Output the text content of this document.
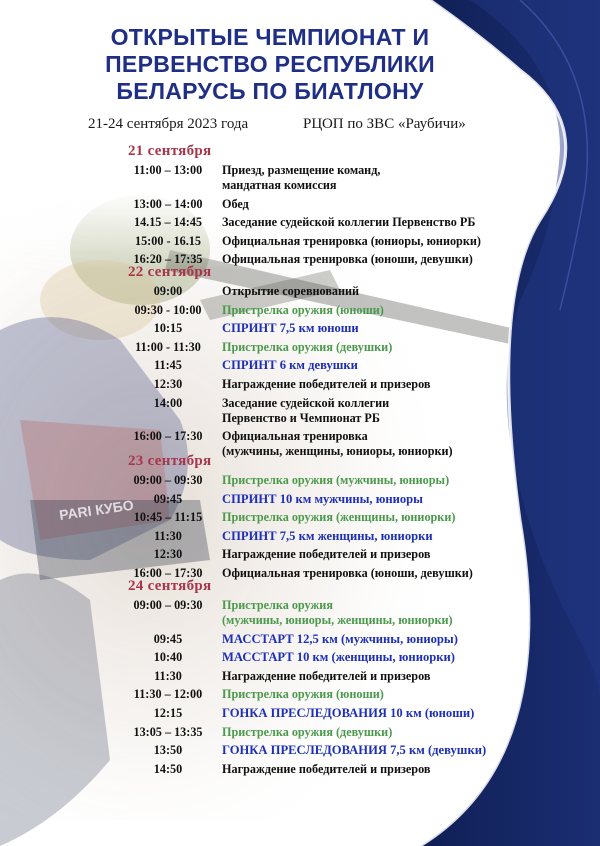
PARI КУБО
ОТКРЫТЫЕ ЧЕМПИОНАТ И
ПЕРВЕНСТВО РЕСПУБЛИКИ
БЕЛАРУСЬ ПО БИАТЛОНУ
21-24 сентября 2023 года	РЦОП по ЗВС «Раубичи»
21 сентября
11:00 – 13:00	Приезд, размещение команд,
мандатная комиссия
13:00 – 14:00	Обед
14.15 – 14:45	Заседание судейской коллегии Первенство РБ
15:00 - 16.15	Официальная тренировка (юниоры, юниорки)
16:20 – 17:35	Официальная тренировка (юноши, девушки)
22 сентября
09:00	Открытие соревнований
09:30 - 10:00	Пристрелка оружия (юноши)
10:15	СПРИНТ 7,5 км юноши
11:00 - 11:30	Пристрелка оружия (девушки)
11:45	СПРИНТ 6 км девушки
12:30	Награждение победителей и призеров
14:00	Заседание судейской коллегии
Первенство и Чемпионат РБ
16:00 – 17:30	Официальная тренировка
(мужчины, женщины, юниоры, юниорки)
23 сентября
09:00 – 09:30	Пристрелка оружия (мужчины, юниоры)
09:45	СПРИНТ 10 км мужчины, юниоры
10:45 – 11:15	Пристрелка оружия (женщины, юниорки)
11:30	СПРИНТ 7,5 км женщины, юниорки
12:30	Награждение победителей и призеров
16:00 – 17:30	Официальная тренировка (юноши, девушки)
24 сентября
09:00 – 09:30	Пристрелка оружия
(мужчины, юниоры, женщины, юниорки)
09:45	МАССТАРТ 12,5 км (мужчины, юниоры)
10:40	МАССТАРТ 10 км (женщины, юниорки)
11:30	Награждение победителей и призеров
11:30 – 12:00	Пристрелка оружия (юноши)
12:15	ГОНКА ПРЕСЛЕДОВАНИЯ 10 км (юноши)
13:05 – 13:35	Пристрелка оружия (девушки)
13:50	ГОНКА ПРЕСЛЕДОВАНИЯ 7,5 км (девушки)
14:50	Награждение победителей и призеров
